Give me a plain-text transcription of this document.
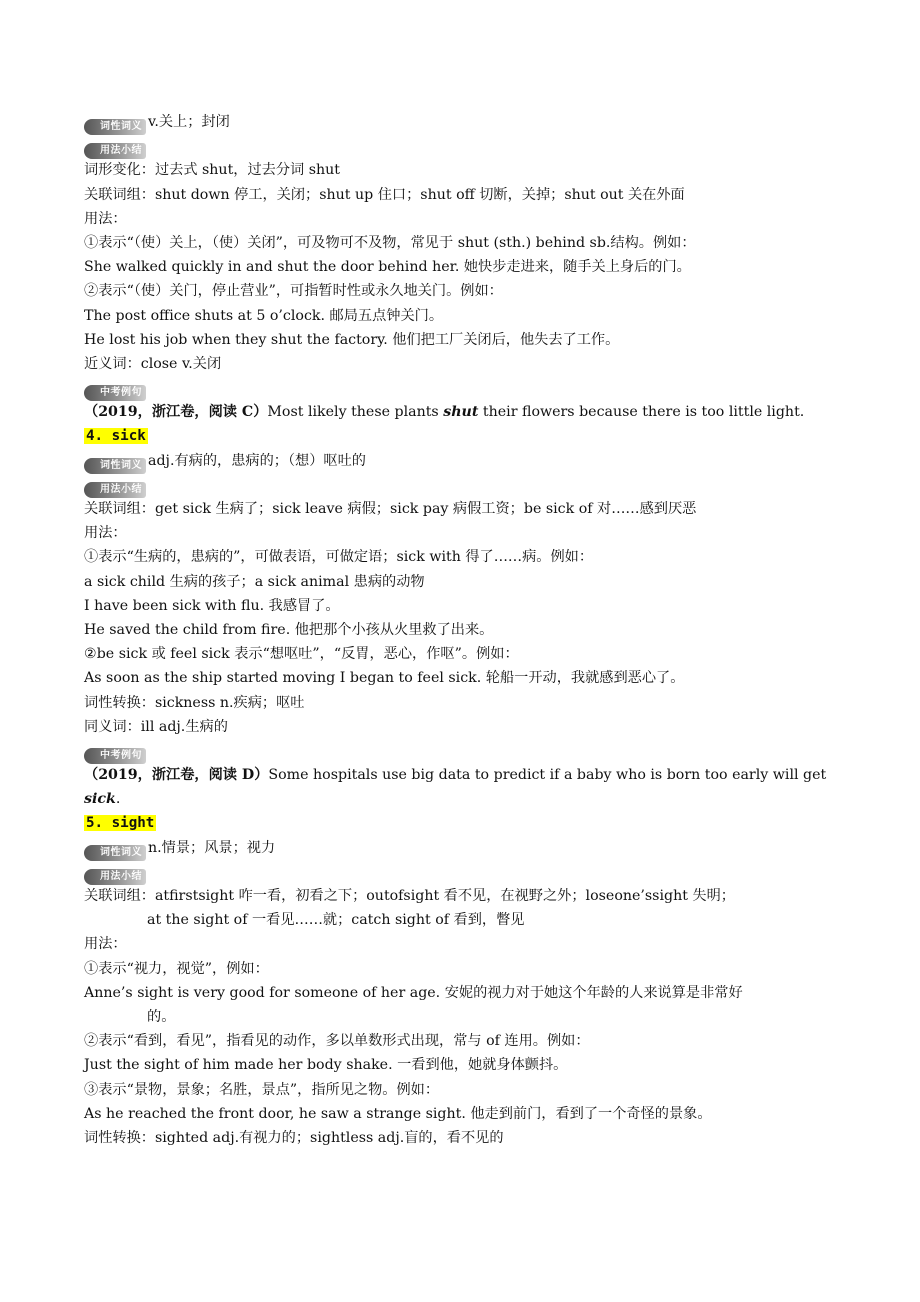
词性词义 v.关上；封闭
用法小结
词形变化：过去式 shut，过去分词 shut
关联词组：shut down 停工，关闭；shut up 住口；shut off 切断，关掉；shut out 关在外面
用法：
①表示“（使）关上，（使）关闭”，可及物可不及物，常见于 shut (sth.) behind sb.结构。例如：
She walked quickly in and shut the door behind her. 她快步走进来，随手关上身后的门。
②表示“（使）关门，停止营业”，可指暂时性或永久地关门。例如：
The post office shuts at 5 o’clock. 邮局五点钟关门。
He lost his job when they shut the factory. 他们把工厂关闭后，他失去了工作。
近义词：close v.关闭
中考例句
（2019，浙江卷，阅读 C）Most likely these plants shut their flowers because there is too little light.
4. sick
词性词义 adj.有病的，患病的；（想）呕吐的
用法小结
关联词组：get sick 生病了；sick leave 病假；sick pay 病假工资；be sick of 对……感到厌恶
用法：
①表示“生病的，患病的”，可做表语，可做定语；sick with 得了……病。例如：
a sick child 生病的孩子；a sick animal 患病的动物
I have been sick with flu. 我感冒了。
He saved the child from fire. 他把那个小孩从火里救了出来。
②be sick 或 feel sick 表示“想呕吐”，“反胃，恶心，作呕”。例如：
As soon as the ship started moving I began to feel sick. 轮船一开动，我就感到恶心了。
词性转换：sickness n.疾病；呕吐
同义词：ill adj.生病的
中考例句
（2019，浙江卷，阅读 D）Some hospitals use big data to predict if a baby who is born too early will get sick.
5. sight
词性词义 n.情景；风景；视力
用法小结
关联词组：atfirstsight 咋一看，初看之下；outofsight 看不见，在视野之外；loseone’ssight 失明；
at the sight of 一看见……就；catch sight of 看到，瞥见
用法：
①表示“视力，视觉”，例如：
Anne’s sight is very good for someone of her age. 安妮的视力对于她这个年龄的人来说算是非常好
的。
②表示“看到，看见”，指看见的动作，多以单数形式出现，常与 of 连用。例如：
Just the sight of him made her body shake. 一看到他，她就身体颤抖。
③表示“景物，景象；名胜，景点”，指所见之物。例如：
As he reached the front door, he saw a strange sight. 他走到前门，看到了一个奇怪的景象。
词性转换：sighted adj.有视力的；sightless adj.盲的，看不见的
